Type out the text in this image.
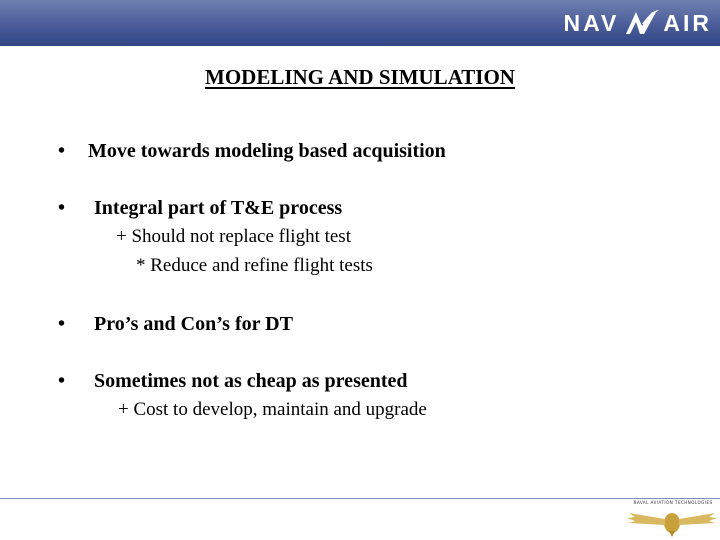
NAV AIR
MODELING AND SIMULATION
• Move towards modeling based acquisition
• Integral part of T&E process
+ Should not replace flight test
* Reduce and refine flight tests
• Pro’s and Con’s for DT
• Sometimes not as cheap as presented
+ Cost to develop, maintain and upgrade
NAVAL AVIATION TECHNOLOGIES
